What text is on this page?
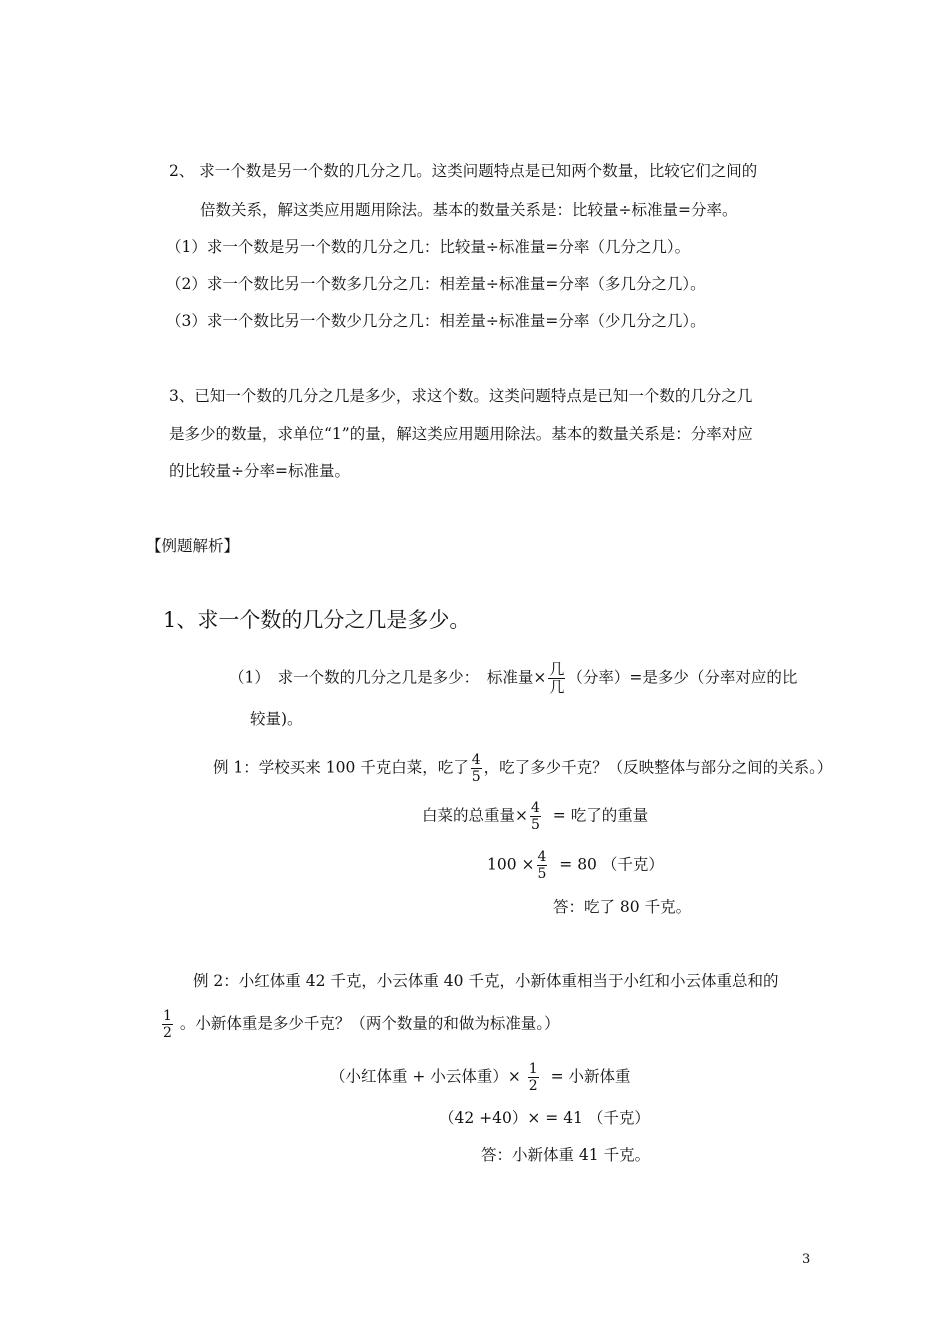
2、 求一个数是另一个数的几分之几。这类问题特点是已知两个数量，比较它们之间的
倍数关系，解这类应用题用除法。基本的数量关系是：比较量÷标准量=分率。
（1）求一个数是另一个数的几分之几：比较量÷标准量=分率（几分之几）。
（2）求一个数比另一个数多几分之几：相差量÷标准量=分率（多几分之几）。
（3）求一个数比另一个数少几分之几：相差量÷标准量=分率（少几分之几）。
3、已知一个数的几分之几是多少，求这个数。这类问题特点是已知一个数的几分之几
是多少的数量，求单位“1”的量，解这类应用题用除法。基本的数量关系是：分率对应
的比较量÷分率=标准量。
【例题解析】
1、求一个数的几分之几是多少。
（1）　求一个数的几分之几是多少：　标准量× $\frac{\text{几}}{\text{几}}$ （分率）=是多少（分率对应的比
较量)。
例 1：学校买来 100 千克白菜，吃了 $\frac{4}{5}$ ，吃了多少千克？（反映整体与部分之间的关系。）
白菜的总重量× $\frac{4}{5}$ = 吃了的重量
$100 \times \frac{4}{5} = 80$ （千克）
答：吃了 80 千克。
例 2：小红体重 42 千克，小云体重 40 千克，小新体重相当于小红和小云体重总和的
$\frac{1}{2}$ 。小新体重是多少千克？（两个数量的和做为标准量。）
（小红体重 + 小云体重）× $\frac{1}{2}$ = 小新体重
（42 +40）× = 41 （千克）
答：小新体重 41 千克。
3
